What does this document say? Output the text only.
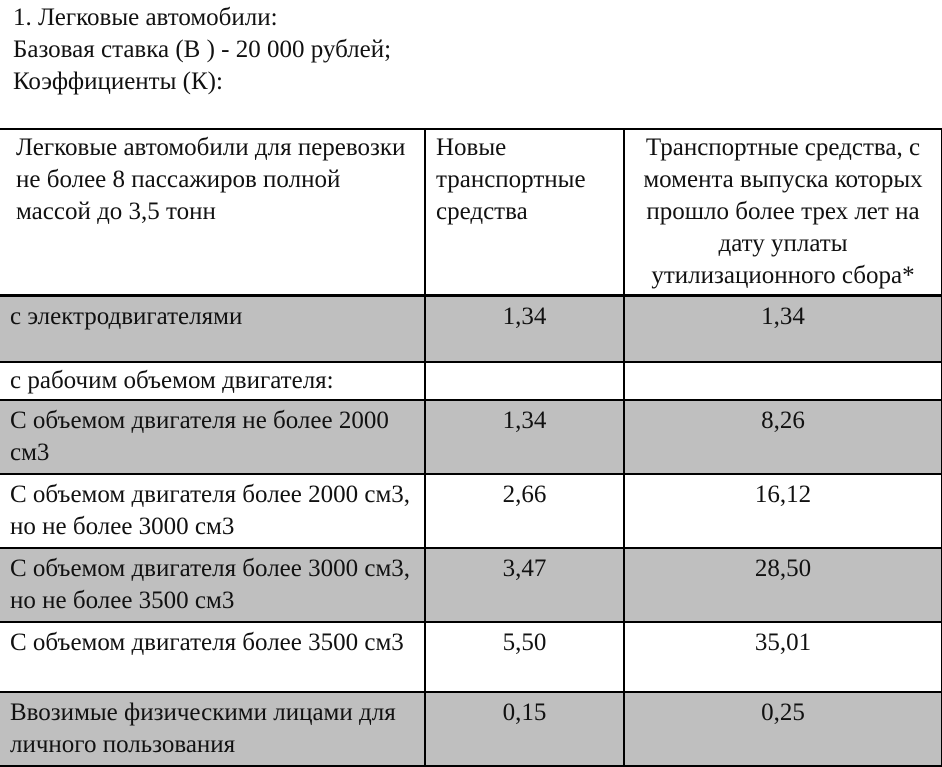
1. Легковые автомобили:
Базовая ставка (В ) - 20 000 рублей;
Коэффициенты (К):
Легковые автомобили для перевозки не более 8 пассажиров полной массой до 3,5 тонн	Новые транспортные средства	Транспортные средства, с момента выпуска которых прошло более трех лет на дату уплаты утилизационного сбора*
с электродвигателями	1,34	1,34
с рабочим объемом двигателя:		
С объемом двигателя не более 2000 см3	1,34	8,26
С объемом двигателя более 2000 см3, но не более 3000 см3	2,66	16,12
С объемом двигателя более 3000 см3, но не более 3500 см3	3,47	28,50
С объемом двигателя более 3500 см3	5,50	35,01
Ввозимые физическими лицами для личного пользования	0,15	0,25
